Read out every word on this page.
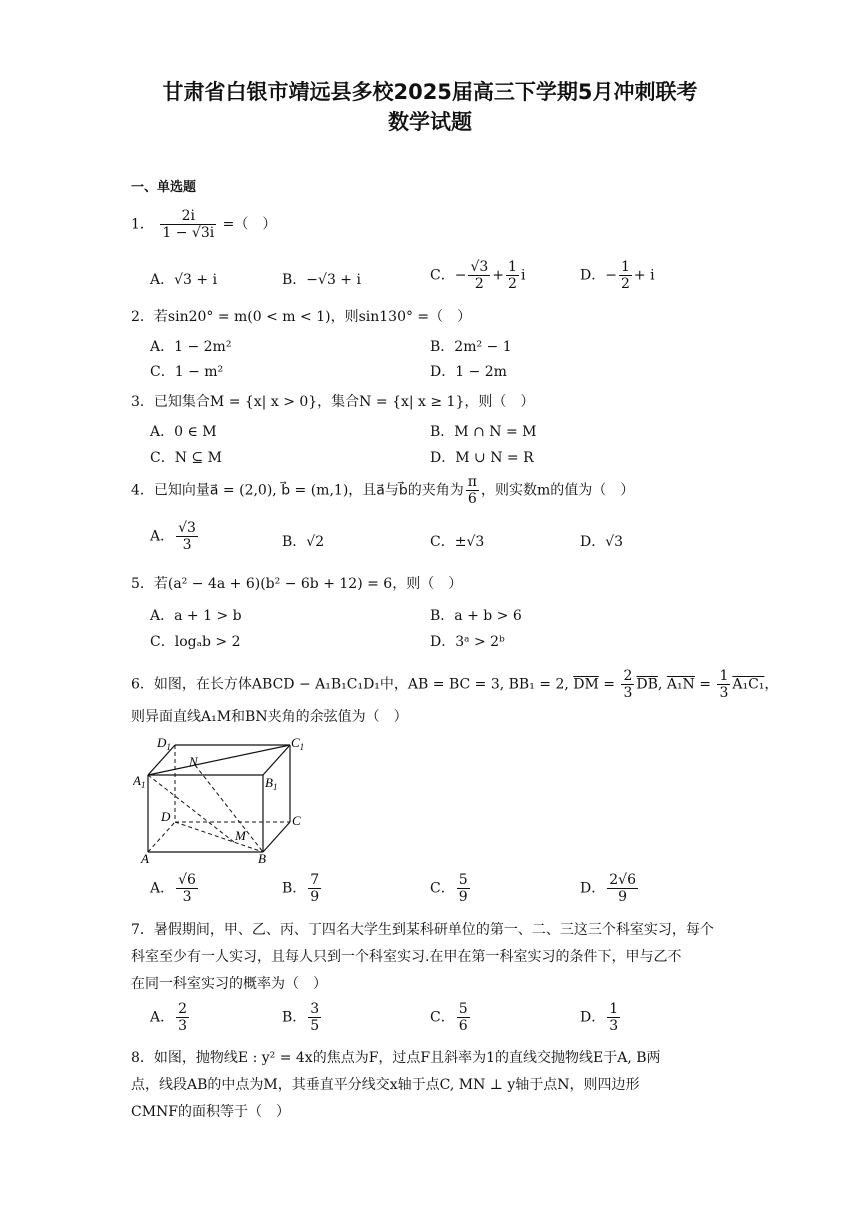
甘肃省白银市靖远县多校2025届高三下学期5月冲刺联考
数学试题
一、单选题
1． $\frac{2i}{1 - √3i}$ =（　）
A．√3 + i	B．−√3 + i	C．− $\frac{√3}{2} + \frac{1}{2}$ i	D．− $\frac{1}{2} + i$
2．若sin20° = m(0 < m < 1)，则sin130° =（　）
A．1 − 2m²	B．2m² − 1
C．1 − m²	D．1 − 2m
3．已知集合M = {x| x > 0}，集合N = {x| x ≥ 1}，则（　）
A．0 ∈ M	B．M ∩ N = M
C．N ⊆ M	D．M ∪ N = R
4．已知向量a⃗ = (2,0), b⃗ = (m,1)，且a⃗与b⃗的夹角为 $\frac{\pi}{6}$ ，则实数m的值为（　）
A． $\frac{√3}{3}$	B．√2	C．±√3	D．√3
5．若(a² − 4a + 6)(b² − 6b + 12) = 6，则（　）
A．a + 1 > b	B．a + b > 6
C．logₐb > 2	D．3ᵃ > 2ᵇ
6．如图，在长方体ABCD − A₁B₁C₁D₁中，AB = BC = 3, BB₁ = 2, $\overline{DM} = \frac{2}{3} \overline{DB}$, $A_1N = \frac{1}{3} A_1C_1$，
则异面直线A₁M和BN夹角的余弦值为（　）
$D_1$	$C_1$
$A_1$	$B_1$
N
D	C
M
A	B
A． $\frac{√6}{3}$	B． $\frac{7}{9}$	C． $\frac{5}{9}$	D． $\frac{2√6}{9}$
7．暑假期间，甲、乙、丙、丁四名大学生到某科研单位的第一、二、三这三个科室实习，每个
科室至少有一人实习，且每人只到一个科室实习.在甲在第一科室实习的条件下，甲与乙不
在同一科室实习的概率为（　）
A． $\frac{2}{3}$	B． $\frac{3}{5}$	C． $\frac{5}{6}$	D． $\frac{1}{3}$
8．如图，抛物线E : y² = 4x的焦点为F，过点F且斜率为1的直线交抛物线E于A, B两
点，线段AB的中点为M，其垂直平分线交x轴于点C, MN ⊥ y轴于点N，则四边形
CMNF的面积等于（　）
